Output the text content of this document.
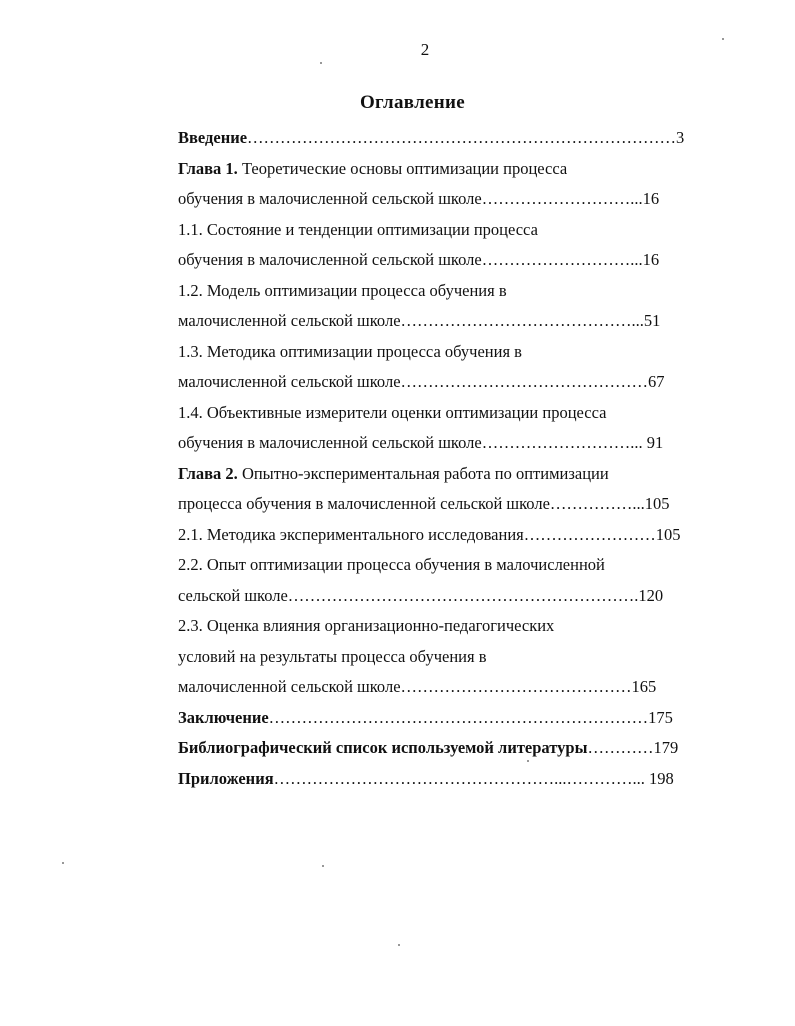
2
Оглавление
Введение……………………………………………………………………3
Глава 1. Теоретические основы оптимизации процесса
обучения в малочисленной сельской школе………………………...16
1.1. Состояние и тенденции оптимизации процесса
обучения в малочисленной сельской школе………………………...16
1.2. Модель оптимизации процесса обучения в
малочисленной сельской школе……………………………………...51
1.3. Методика оптимизации процесса обучения в
малочисленной сельской школе………………………………………67
1.4. Объективные измерители оценки оптимизации процесса
обучения в малочисленной сельской школе………………………... 91
Глава 2. Опытно-экспериментальная работа по оптимизации
процесса обучения в малочисленной сельской школе……………...105
2.1. Методика экспериментального исследования……………………105
2.2. Опыт оптимизации процесса обучения в малочисленной
сельской школе……………………………………………………….120
2.3. Оценка влияния организационно-педагогических
условий на результаты процесса обучения в
малочисленной сельской школе……………………………………165
Заключение……………………………………………………………175
Библиографический список используемой литературы…………179
Приложения……………………………………………...…………... 198
